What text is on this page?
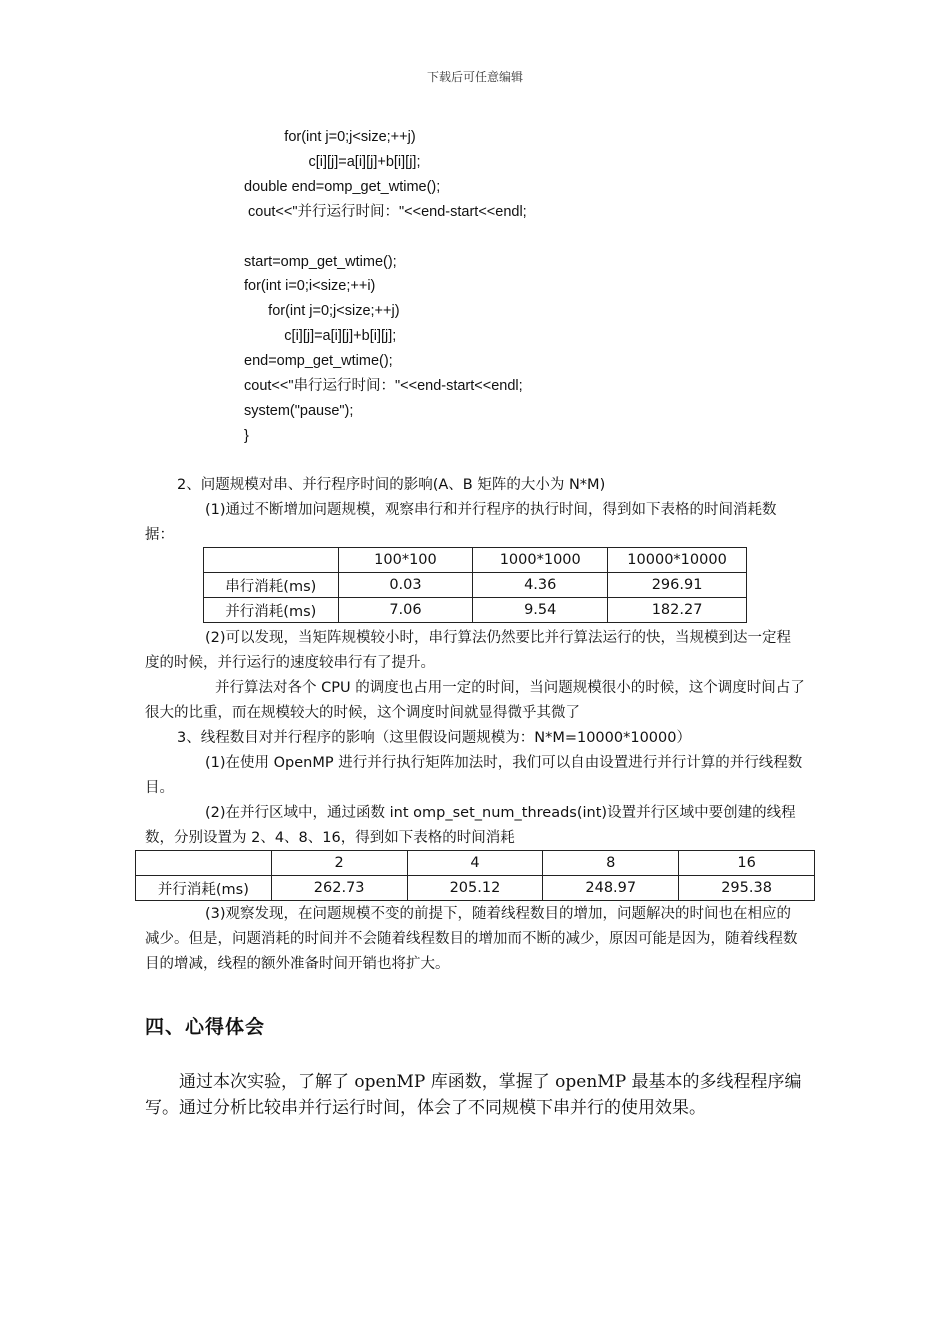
下载后可任意编辑
for(int j=0;j<size;++j)
c[i][j]=a[i][j]+b[i][j];
double end=omp_get_wtime();
cout<<"并行运行时间："<<end-start<<endl;

start=omp_get_wtime();
for(int i=0;i<size;++i)
for(int j=0;j<size;++j)
c[i][j]=a[i][j]+b[i][j];
end=omp_get_wtime();
cout<<"串行运行时间："<<end-start<<endl;
system("pause");
}

2、问题规模对串、并行程序时间的影响(A、B 矩阵的大小为 N*M)

(1)通过不断增加问题规模，观察串行和并行程序的执行时间，得到如下表格的时间消耗数据：

	100*100	1000*1000	10000*10000
串行消耗(ms)	0.03	4.36	296.91
并行消耗(ms)	7.06	9.54	182.27

(2)可以发现，当矩阵规模较小时，串行算法仍然要比并行算法运行的快，当规模到达一定程度的时候，并行运行的速度较串行有了提升。

并行算法对各个 CPU 的调度也占用一定的时间，当问题规模很小的时候，这个调度时间占了很大的比重，而在规模较大的时候，这个调度时间就显得微乎其微了

3、线程数目对并行程序的影响（这里假设问题规模为：N*M=10000*10000）

(1)在使用 OpenMP 进行并行执行矩阵加法时，我们可以自由设置进行并行计算的并行线程数目。

(2)在并行区域中，通过函数 int omp_set_num_threads(int)设置并行区域中要创建的线程数，分别设置为 2、4、8、16，得到如下表格的时间消耗

	2	4	8	16
并行消耗(ms)	262.73	205.12	248.97	295.38

(3)观察发现，在问题规模不变的前提下，随着线程数目的增加，问题解决的时间也在相应的减少。但是，问题消耗的时间并不会随着线程数目的增加而不断的减少，原因可能是因为，随着线程数目的增减，线程的额外准备时间开销也将扩大。

四、心得体会

通过本次实验，了解了 openMP 库函数，掌握了 openMP 最基本的多线程程序编写。通过分析比较串并行运行时间，体会了不同规模下串并行的使用效果。
